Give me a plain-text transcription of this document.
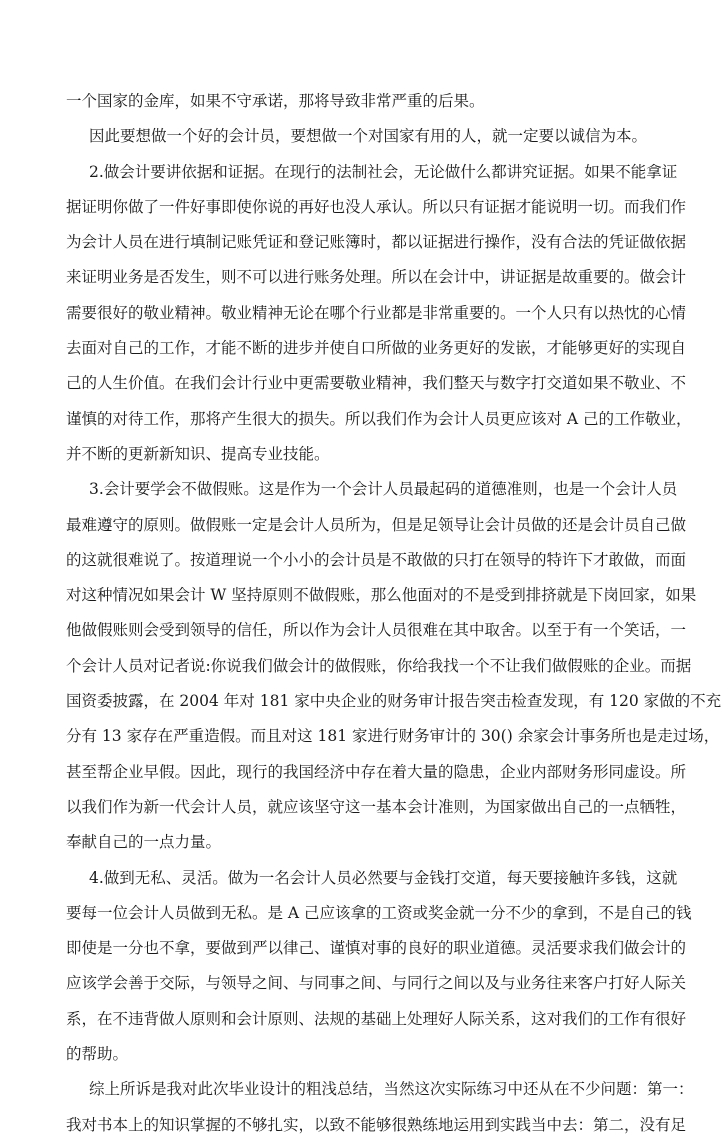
一个国家的金库，如果不守承诺，那将导致非常严重的后果。
因此要想做一个好的会计员，要想做一个对国家有用的人，就一定要以诚信为本。
2.做会计要讲依据和证据。在现行的法制社会，无论做什么都讲究证据。如果不能拿证
据证明你做了一件好事即使你说的再好也没人承认。所以只有证据才能说明一切。而我们作
为会计人员在进行填制记账凭证和登记账簿时，都以证据进行操作，没有合法的凭证做依据
来证明业务是否发生，则不可以进行账务处理。所以在会计中，讲证据是故重要的。做会计
需要很好的敬业精神。敬业精神无论在哪个行业都是非常重要的。一个人只有以热忱的心情
去面对自己的工作，才能不断的进步并使自口所做的业务更好的发嵌，才能够更好的实现自
己的人生价值。在我们会计行业中更需要敬业精神，我们整天与数字打交道如果不敬业、不
谨慎的对待工作，那将产生很大的损失。所以我们作为会计人员更应该对 A 己的工作敬业，
并不断的更新新知识、提高专业技能。
3.会计要学会不做假账。这是作为一个会计人员最起码的道德准则，也是一个会计人员
最难遵守的原则。做假账一定是会计人员所为，但是足领导让会计员做的还是会计员自己做
的这就很难说了。按道理说一个小小的会计员是不敢做的只打在领导的特许下才敢做，而面
对这种情况如果会计 W 坚持原则不做假账，那么他面对的不是受到排挤就是下岗回家，如果
他做假账则会受到领导的信任，所以作为会计人员很难在其中取舍。以至于有一个笑话，一
个会计人员对记者说:你说我们做会计的做假账，你给我找一个不让我们做假账的企业。而据
国资委披露，在 2004 年对 181 家中央企业的财务审计报告突击检查发现，有 120 家做的不充
分有 13 家存在严重造假。而且对这 181 家进行财务审计的 30() 余家会计事务所也是走过场，
甚至帮企业早假。因此，现行的我国经济中存在着大量的隐患，企业内部财务形同虚设。所
以我们作为新一代会计人员，就应该坚守这一基本会计准则，为国家做出自己的一点牺牲，
奉献自己的一点力量。
4.做到无私、灵活。做为一名会计人员必然要与金钱打交道，每天要接触许多钱，这就
要每一位会计人员做到无私。是 A 己应该拿的工资或奖金就一分不少的拿到，不是自己的钱
即使是一分也不拿，要做到严以律己、谨慎对事的良好的职业道德。灵活要求我们做会计的
应该学会善于交际，与领导之间、与同事之间、与同行之间以及与业务往来客户打好人际关
系，在不违背做人原则和会计原则、法规的基础上处理好人际关系，这对我们的工作有很好
的帮助。
综上所诉是我对此次毕业设计的粗浅总结，当然这次实际练习中还从在不少问题：第一：
我对书本上的知识掌握的不够扎实，以致不能够很熟练地运用到实践当中去：第二，没有足
